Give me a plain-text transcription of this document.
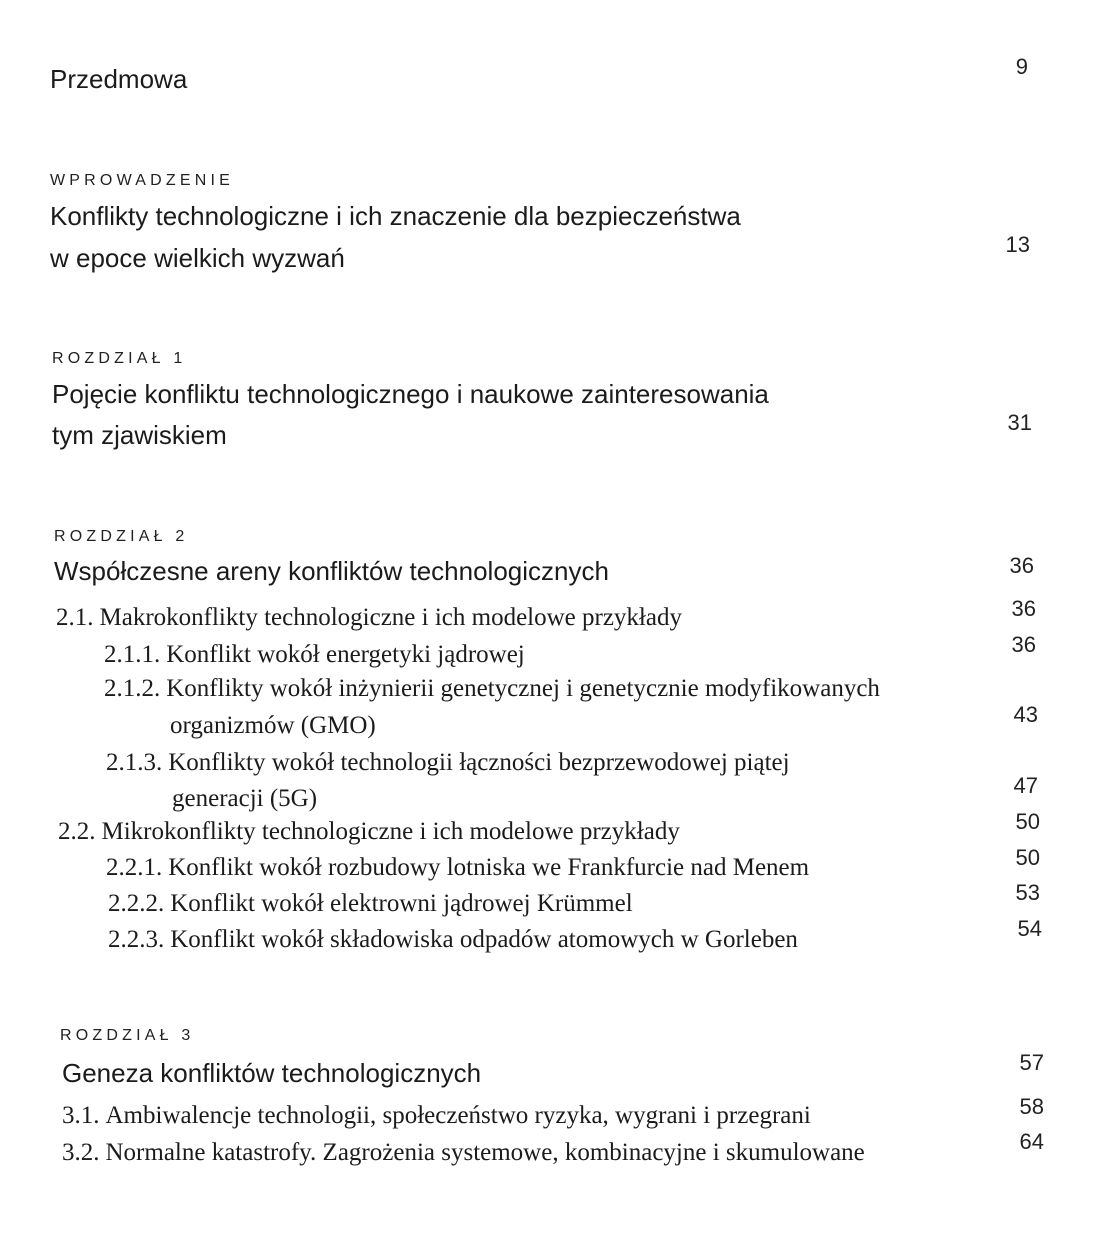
Przedmowa	9
WPROWADZENIE
Konflikty technologiczne i ich znaczenie dla bezpieczeństwa
w epoce wielkich wyzwań	13
ROZDZIAŁ 1
Pojęcie konfliktu technologicznego i naukowe zainteresowania
tym zjawiskiem	31
ROZDZIAŁ 2
Współczesne areny konfliktów technologicznych	36
2.1. Makrokonflikty technologiczne i ich modelowe przykłady	36
2.1.1. Konflikt wokół energetyki jądrowej	36
2.1.2. Konflikty wokół inżynierii genetycznej i genetycznie modyfikowanych
organizmów (GMO)	43
2.1.3. Konflikty wokół technologii łączności bezprzewodowej piątej
generacji (5G)	47
2.2. Mikrokonflikty technologiczne i ich modelowe przykłady	50
2.2.1. Konflikt wokół rozbudowy lotniska we Frankfurcie nad Menem	50
2.2.2. Konflikt wokół elektrowni jądrowej Krümmel	53
2.2.3. Konflikt wokół składowiska odpadów atomowych w Gorleben	54
ROZDZIAŁ 3
Geneza konfliktów technologicznych	57
3.1. Ambiwalencje technologii, społeczeństwo ryzyka, wygrani i przegrani	58
3.2. Normalne katastrofy. Zagrożenia systemowe, kombinacyjne i skumulowane	64
